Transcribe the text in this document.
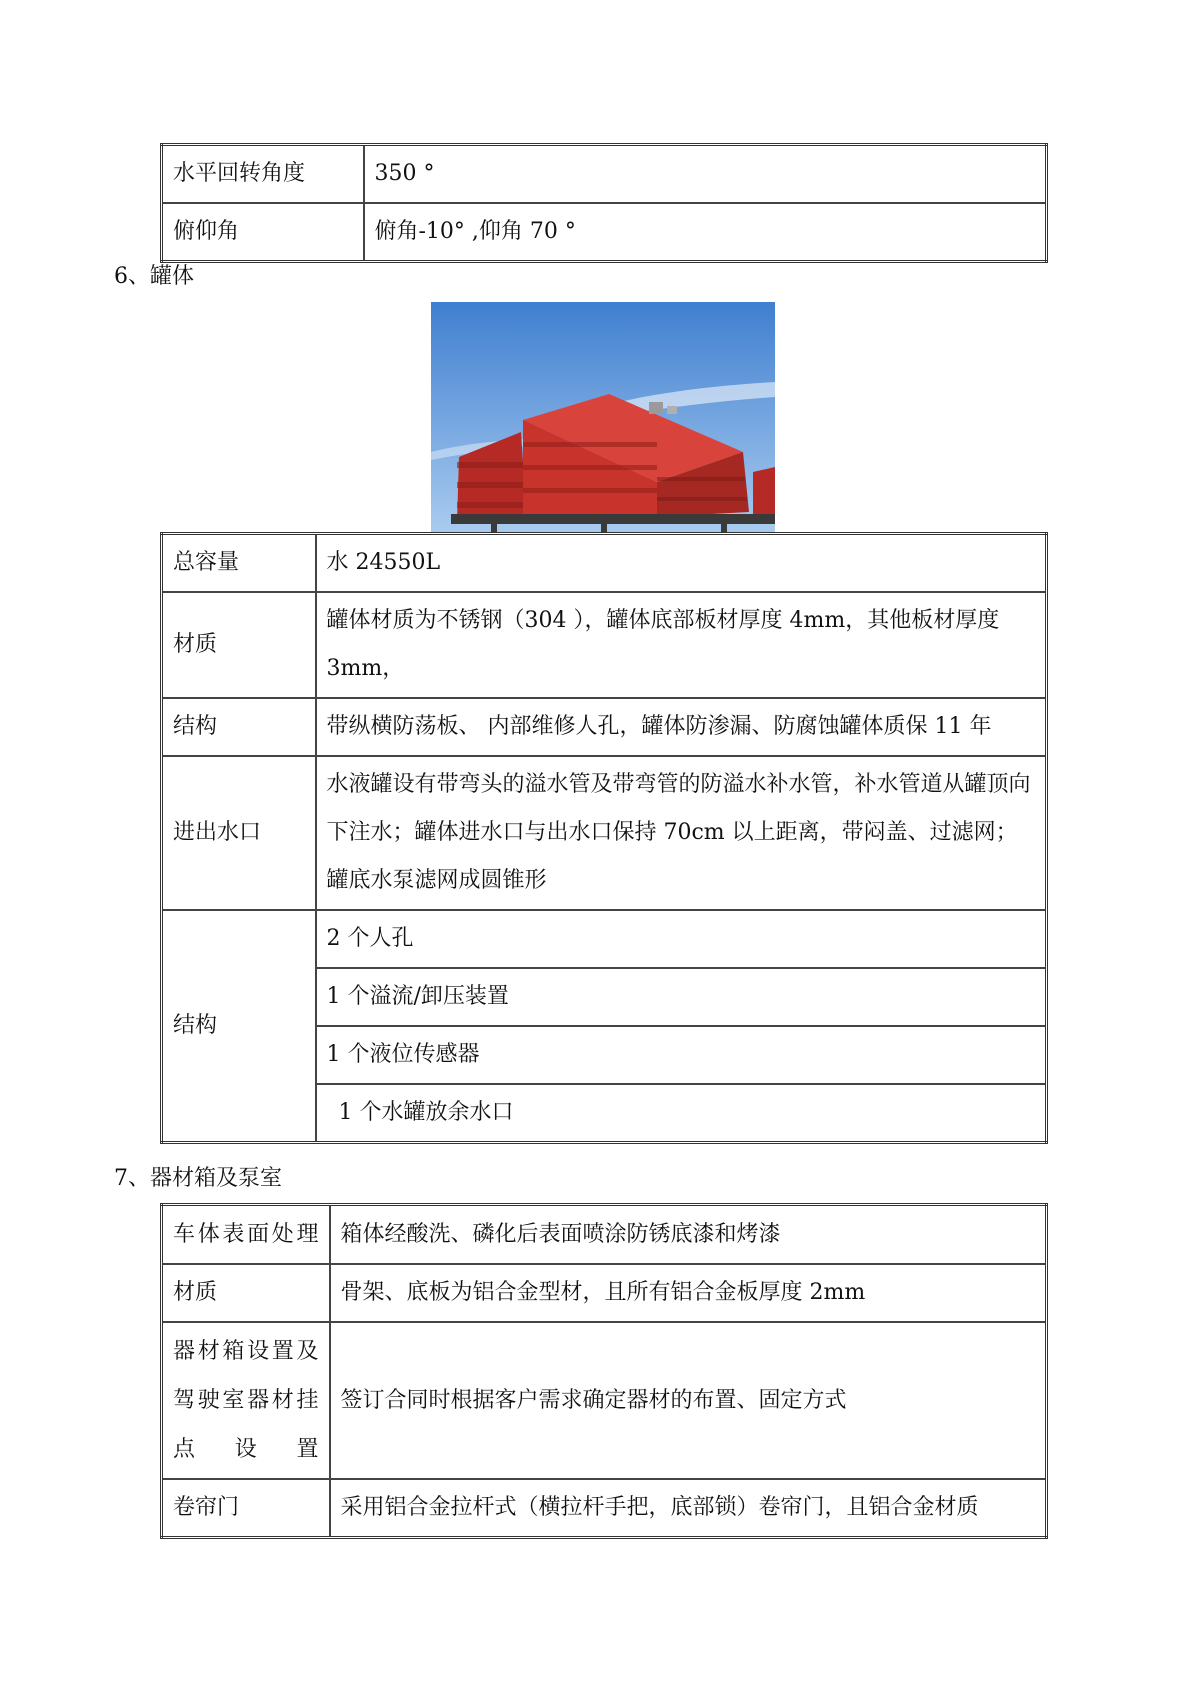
水平回转角度	350 °
俯仰角	俯角-10° ,仰角 70 °
6、罐体
总容量	水 24550L
材质	罐体材质为不锈钢（304 ），罐体底部板材厚度 4mm，其他板材厚度 3mm，
结构	带纵横防荡板、 内部维修人孔，罐体防渗漏、防腐蚀罐体质保 11 年
进出水口	水液罐设有带弯头的溢水管及带弯管的防溢水补水管，补水管道从罐顶向下注水；罐体进水口与出水口保持 70cm 以上距离，带闷盖、过滤网；罐底水泵滤网成圆锥形
结构	2 个人孔
	1 个溢流/卸压装置
	1 个液位传感器
	1 个水罐放余水口
7、器材箱及泵室
车体表面处理	箱体经酸洗、磷化后表面喷涂防锈底漆和烤漆
材质	骨架、底板为铝合金型材，且所有铝合金板厚度 2mm
器材箱设置及驾驶室器材挂点设置	签订合同时根据客户需求确定器材的布置、固定方式
卷帘门	采用铝合金拉杆式（横拉杆手把，底部锁）卷帘门，且铝合金材质
